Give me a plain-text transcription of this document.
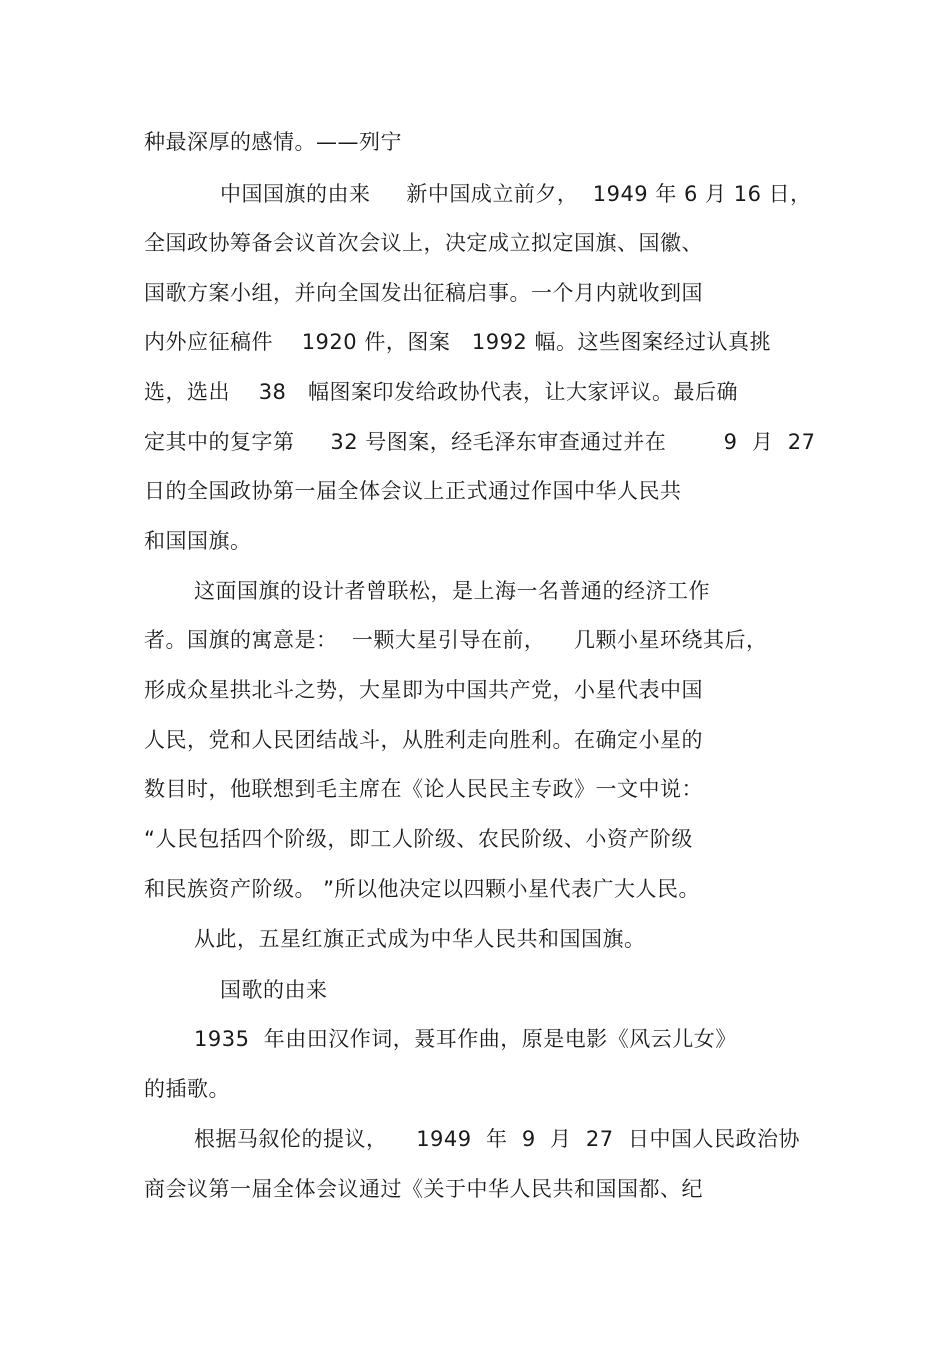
种最深厚的感情。——列宁
中国国旗的由来     新中国成立前夕，  1949 年 6 月 16 日，
全国政协筹备会议首次会议上，决定成立拟定国旗、国徽、
国歌方案小组，并向全国发出征稿启事。一个月内就收到国
内外应征稿件    1920 件，图案   1992 幅。这些图案经过认真挑
选，选出    38   幅图案印发给政协代表，让大家评议。最后确
定其中的复字第     32 号图案，经毛泽东审查通过并在        9  月  27
日的全国政协第一届全体会议上正式通过作国中华人民共
和国国旗。
这面国旗的设计者曾联松，是上海一名普通的经济工作
者。国旗的寓意是：  一颗大星引导在前，    几颗小星环绕其后，
形成众星拱北斗之势，大星即为中国共产党，小星代表中国
人民，党和人民团结战斗，从胜利走向胜利。在确定小星的
数目时，他联想到毛主席在《论人民民主专政》一文中说：
“人民包括四个阶级，即工人阶级、农民阶级、小资产阶级
和民族资产阶级。 ”所以他决定以四颗小星代表广大人民。
从此，五星红旗正式成为中华人民共和国国旗。
国歌的由来
1935  年由田汉作词，聂耳作曲，原是电影《风云儿女》
的插歌。
根据马叙伦的提议，    1949  年  9  月  27  日中国人民政治协
商会议第一届全体会议通过《关于中华人民共和国国都、纪
